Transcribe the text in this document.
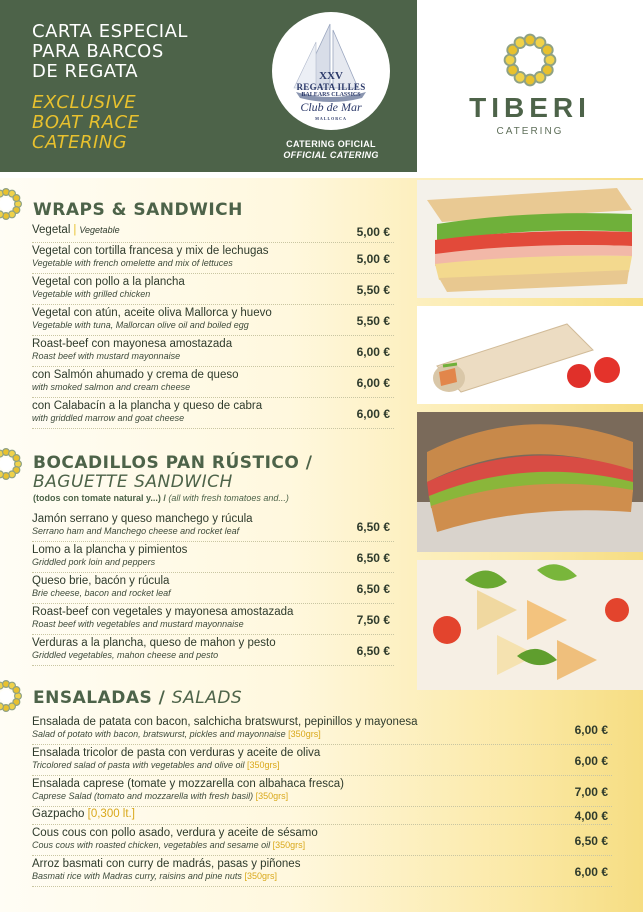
CARTA ESPECIAL
PARA BARCOS
DE REGATA
EXCLUSIVE
BOAT RACE
CATERING
XXV
REGATA ILLES
BALEARS CLASSICS
Club de Mar
MALLORCA
CATERING OFICIAL
OFFICIAL CATERING
TIBERI
CATERING
WRAPS & SANDWICH
Vegetal | Vegetable	5,00 €
Vegetal con tortilla francesa y mix de lechugas
Vegetable with french omelette and mix of lettuces	5,00 €
Vegetal con pollo a la plancha
Vegetable with grilled chicken	5,50 €
Vegetal con atún, aceite oliva Mallorca y huevo
Vegetable with tuna, Mallorcan olive oil and boiled egg	5,50 €
Roast-beef con mayonesa amostazada
Roast beef with mustard mayonnaise	6,00 €
con Salmón ahumado y crema de queso
with smoked salmon and cream cheese	6,00 €
con Calabacín a la plancha y queso de cabra
with griddled marrow and goat cheese	6,00 €
BOCADILLOS PAN RÚSTICO /
BAGUETTE SANDWICH
(todos con tomate natural y...) / (all with fresh tomatoes and...)
Jamón serrano y queso manchego y rúcula
Serrano ham and Manchego cheese and rocket leaf	6,50 €
Lomo a la plancha y pimientos
Griddled pork loin and peppers	6,50 €
Queso brie, bacón y rúcula
Brie cheese, bacon and rocket leaf	6,50 €
Roast-beef con vegetales y mayonesa amostazada
Roast beef with vegetables and mustard mayonnaise	7,50 €
Verduras a la plancha, queso de mahon y pesto
Griddled vegetables, mahon cheese and pesto	6,50 €
ENSALADAS / SALADS
Ensalada de patata con bacon, salchicha bratswurst, pepinillos y mayonesa
Salad of potato with bacon, bratswurst, pickles and mayonnaise [350grs]	6,00 €
Ensalada tricolor de pasta con verduras y aceite de oliva
Tricolored salad of pasta with vegetables and olive oil [350grs]	6,00 €
Ensalada caprese (tomate y mozzarella con albahaca fresca)
Caprese Salad (tomato and mozzarella with fresh basil) [350grs]	7,00 €
Gazpacho [0,300 lt.]	4,00 €
Cous cous con pollo asado, verdura y aceite de sésamo
Cous cous with roasted chicken, vegetables and sesame oil [350grs]	6,50 €
Arroz basmati con curry de madrás, pasas y piñones
Basmati rice with Madras curry, raisins and pine nuts [350grs]	6,00 €
